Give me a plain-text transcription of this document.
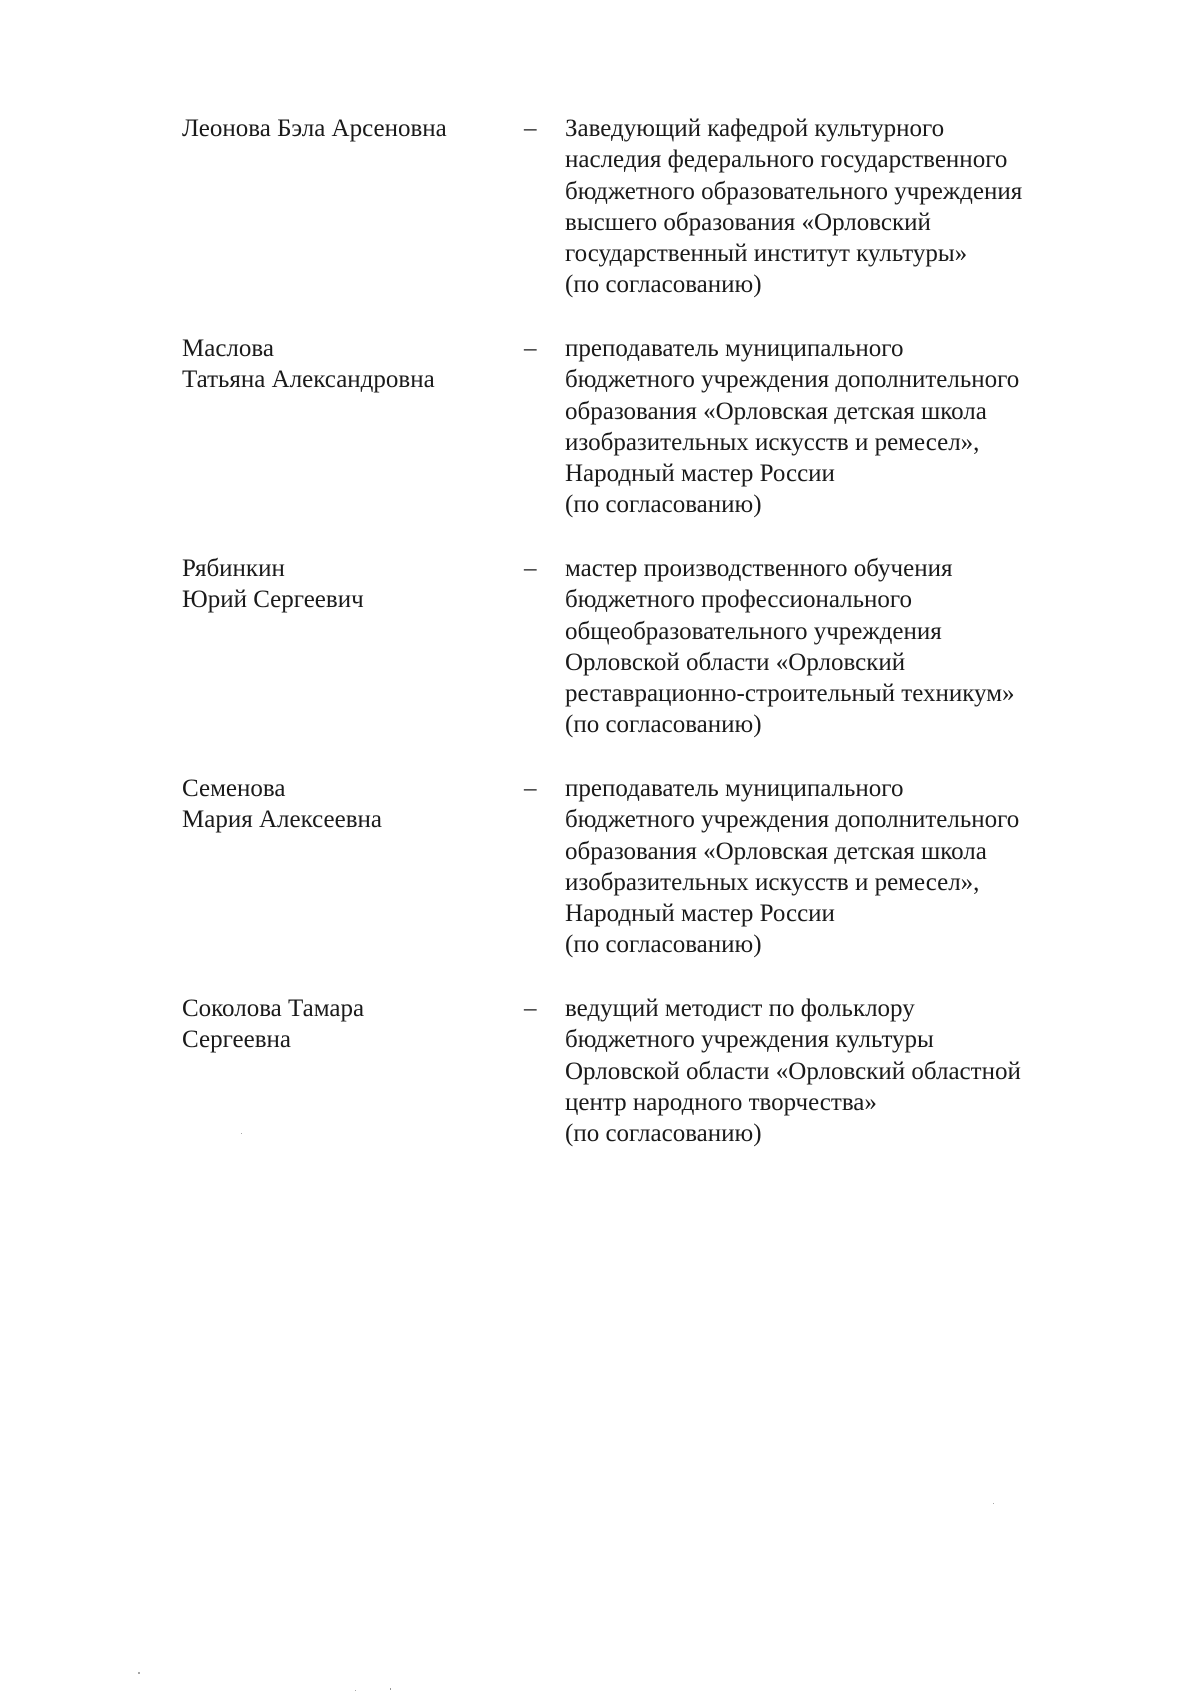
Леонова Бэла Арсеновна	– Заведующий кафедрой культурного
наследия федерального государственного
бюджетного образовательного учреждения
высшего образования «Орловский
государственный институт культуры»
(по согласованию)
Маслова
Татьяна Александровна
– преподаватель муниципального
бюджетного учреждения дополнительного
образования «Орловская детская школа
изобразительных искусств и ремесел»,
Народный мастер России
(по согласованию)
Рябинкин
Юрий Сергеевич
– мастер производственного обучения
бюджетного профессионального
общеобразовательного учреждения
Орловской области «Орловский
реставрационно-строительный техникум»
(по согласованию)
Семенова
Мария Алексеевна
– преподаватель муниципального
бюджетного учреждения дополнительного
образования «Орловская детская школа
изобразительных искусств и ремесел»,
Народный мастер России
(по согласованию)
Соколова Тамара
Сергеевна
– ведущий методист по фольклору
бюджетного учреждения культуры
Орловской области «Орловский областной
центр народного творчества»
(по согласованию)
